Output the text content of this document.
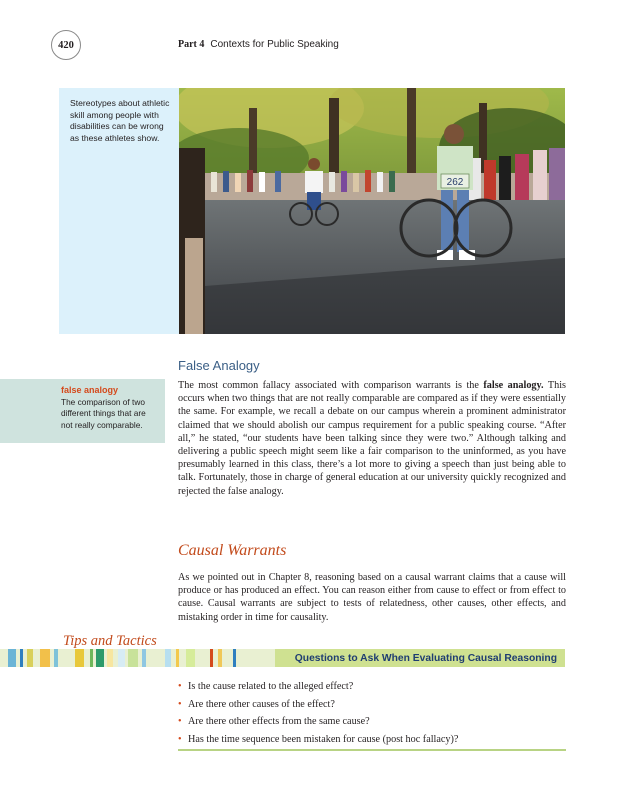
420	Part 4 Contexts for Public Speaking
Stereotypes about athletic skill among people with disabilities can be wrong as these athletes show.
262
False Analogy
false analogy
The comparison of two different things that are not really comparable.
The most common fallacy associated with comparison warrants is the false analogy. This occurs when two things that are not really comparable are compared as if they were essentially the same. For example, we recall a debate on our campus wherein a prominent administrator claimed that we should abolish our campus requirement for a public speaking course. “After all,” he stated, “our students have been talking since they were two.” Although talking and delivering a public speech might seem like a fair comparison to the uninformed, as you have presumably learned in this class, there’s a lot more to giving a speech than just being able to talk. Fortunately, those in charge of general education at our university quickly recognized and rejected the false analogy.
Causal Warrants
As we pointed out in Chapter 8, reasoning based on a causal warrant claims that a cause will produce or has produced an effect. You can reason either from cause to effect or from effect to cause. Causal warrants are subject to tests of relatedness, other causes, other effects, and mistaking order in time for causality.
Tips and Tactics
Questions to Ask When Evaluating Causal Reasoning
• Is the cause related to the alleged effect?
• Are there other causes of the effect?
• Are there other effects from the same cause?
• Has the time sequence been mistaken for cause (post hoc fallacy)?
